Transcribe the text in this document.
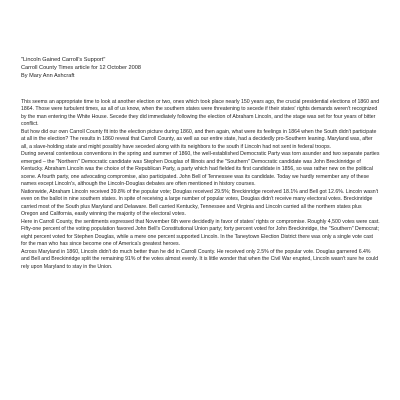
"Lincoln Gained Carroll's Support"

Carroll County Times article for 12 October 2008

By Mary Ann Ashcraft

This seems an appropriate time to look at another election or two, ones which took place nearly 150 years ago, the crucial presidential elections of 1860 and 1864. Those were turbulent times, as all of us know, when the southern states were threatening to secede if their states' rights demands weren't recognized by the man entering the White House. Secede they did immediately following the election of Abraham Lincoln, and the stage was set for four years of bitter conflict.

But how did our own Carroll County fit into the election picture during 1860, and then again, what were its feelings in 1864 when the South didn't participate at all in the election? The results in 1860 reveal that Carroll County, as well as our entire state, had a decidedly pro-Southern leaning. Maryland was, after all, a slave-holding state and might possibly have seceded along with its neighbors to the south if Lincoln had not sent in federal troops.

During several contentious conventions in the spring and summer of 1860, the well-established Democratic Party was torn asunder and two separate parties emerged – the "Northern" Democratic candidate was Stephen Douglas of Illinois and the "Southern" Democratic candidate was John Breckinridge of Kentucky. Abraham Lincoln was the choice of the Republican Party, a party which had fielded its first candidate in 1856, so was rather new on the political scene. A fourth party, one advocating compromise, also participated. John Bell of Tennessee was its candidate. Today we hardly remember any of these names except Lincoln's, although the Lincoln-Douglas debates are often mentioned in history courses.

Nationwide, Abraham Lincoln received 39.8% of the popular vote; Douglas received 29.5%; Breckinridge received 18.1% and Bell got 12.6%. Lincoln wasn't even on the ballot in nine southern states. In spite of receiving a large number of popular votes, Douglas didn't receive many electoral votes. Breckinridge carried most of the South plus Maryland and Delaware. Bell carried Kentucky, Tennessee and Virginia and Lincoln carried all the northern states plus Oregon and California, easily winning the majority of the electoral votes.

Here in Carroll County, the sentiments expressed that November 6th were decidedly in favor of states' rights or compromise. Roughly 4,500 votes were cast. Fifty-one percent of the voting population favored John Bell's Constitutional Union party; forty percent voted for John Breckinridge, the "Southern" Democrat; eight percent voted for Stephen Douglas, while a mere one percent supported Lincoln. In the Taneytown Election District there was only a single vote cast for the man who has since become one of America's greatest heroes.

Across Maryland in 1860, Lincoln didn't do much better than he did in Carroll County. He received only 2.5% of the popular vote. Douglas garnered 6.4% and Bell and Breckinridge split the remaining 91% of the votes almost evenly. It is little wonder that when the Civil War erupted, Lincoln wasn't sure he could rely upon Maryland to stay in the Union.
